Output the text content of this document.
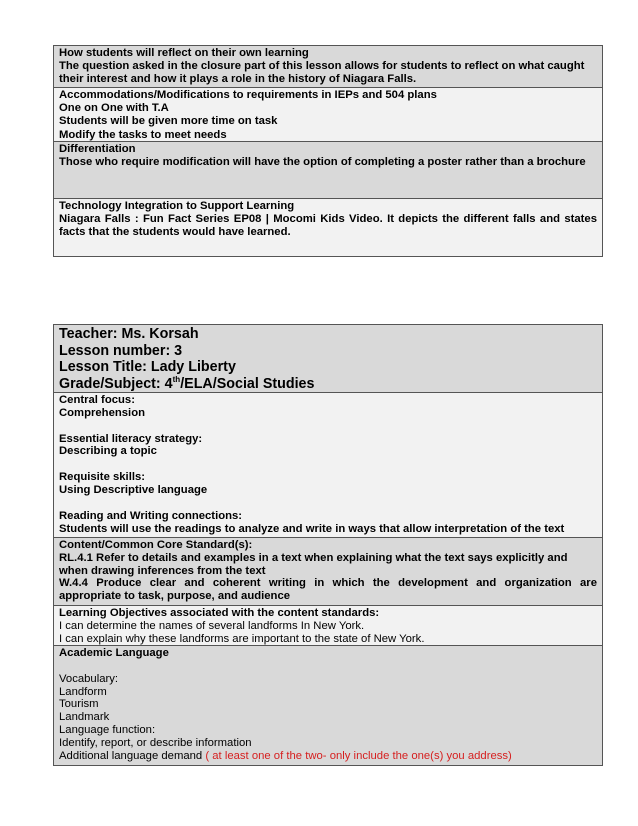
How students will reflect on their own learning

The question asked in the closure part of this lesson allows for students to reflect on what caught their interest and how it plays a role in the history of Niagara Falls.

Accommodations/Modifications to requirements in IEPs and 504 plans

One on One with T.A

Students will be given more time on task

Modify the tasks to meet needs

Differentiation

Those who require modification will have the option of completing a poster rather than a brochure

Technology Integration to Support Learning

Niagara Falls : Fun Fact Series EP08 | Mocomi Kids Video. It depicts the different falls and states facts that the students would have learned.

Teacher: Ms. Korsah

Lesson number: 3

Lesson Title: Lady Liberty

Grade/Subject: 4th/ELA/Social Studies

Central focus:

Comprehension

Essential literacy strategy:

Describing a topic

Requisite skills:

Using Descriptive language

Reading and Writing connections:

Students will use the readings to analyze and write in ways that allow interpretation of the text

Content/Common Core Standard(s):

RL.4.1 Refer to details and examples in a text when explaining what the text says explicitly and when drawing inferences from the text

W.4.4 Produce clear and coherent writing in which the development and organization are appropriate to task, purpose, and audience

Learning Objectives associated with the content standards:

I can determine the names of several landforms In New York.

I can explain why these landforms are important to the state of New York.

Academic Language

Vocabulary:

Landform

Tourism

Landmark

Language function:

Identify, report, or describe information

Additional language demand ( at least one of the two- only include the one(s) you address)
